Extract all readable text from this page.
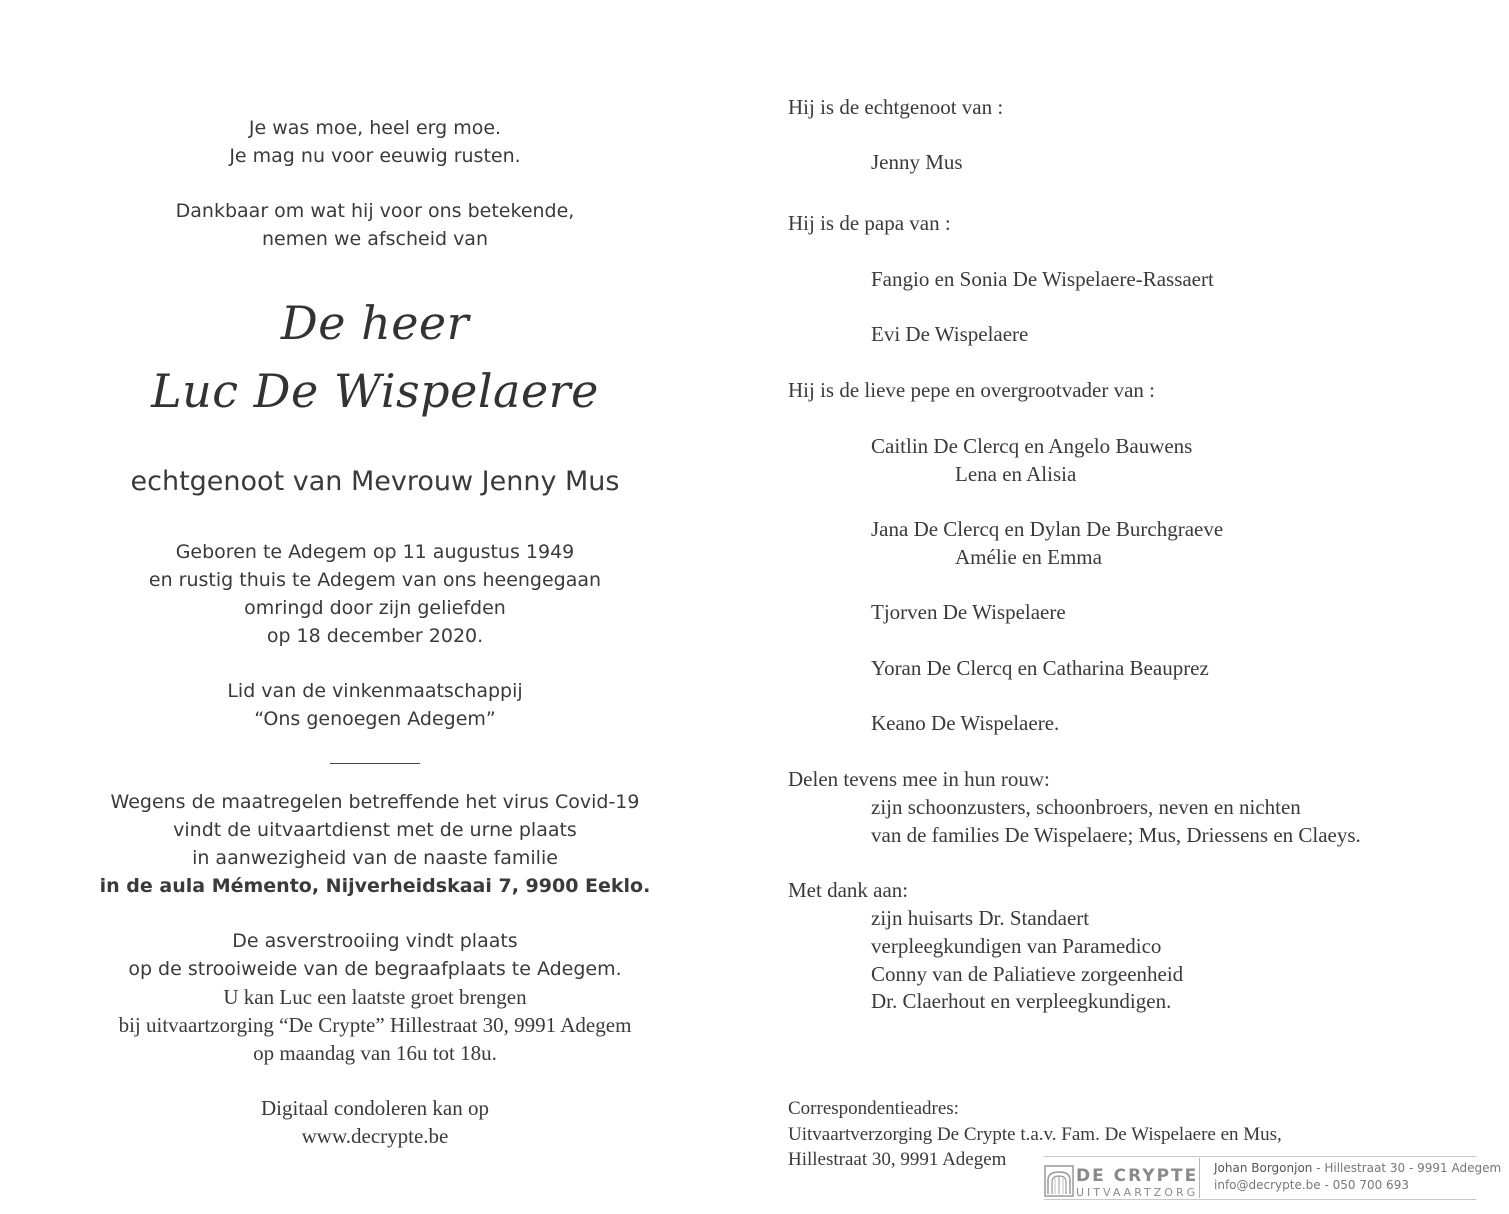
Je was moe, heel erg moe.
Je mag nu voor eeuwig rusten.
Dankbaar om wat hij voor ons betekende,
nemen we afscheid van
De heer
Luc De Wispelaere
echtgenoot van Mevrouw Jenny Mus
Geboren te Adegem op 11 augustus 1949
en rustig thuis te Adegem van ons heengegaan
omringd door zijn geliefden
op 18 december 2020.
Lid van de vinkenmaatschappij
“Ons genoegen Adegem”
Wegens de maatregelen betreffende het virus Covid-19
vindt de uitvaartdienst met de urne plaats
in aanwezigheid van de naaste familie
in de aula Mémento, Nijverheidskaai 7, 9900 Eeklo.
De asverstrooiing vindt plaats
op de strooiweide van de begraafplaats te Adegem.
U kan Luc een laatste groet brengen
bij uitvaartzorging “De Crypte” Hillestraat 30, 9991 Adegem
op maandag van 16u tot 18u.
Digitaal condoleren kan op
www.decrypte.be
Hij is de echtgenoot van :
Jenny Mus
Hij is de papa van :
Fangio en Sonia De Wispelaere-Rassaert
Evi De Wispelaere
Hij is de lieve pepe en overgrootvader van :
Caitlin De Clercq en Angelo Bauwens
Lena en Alisia
Jana De Clercq en Dylan De Burchgraeve
Amélie en Emma
Tjorven De Wispelaere
Yoran De Clercq en Catharina Beauprez
Keano De Wispelaere.
Delen tevens mee in hun rouw:
zijn schoonzusters, schoonbroers, neven en nichten
van de families De Wispelaere; Mus, Driessens en Claeys.
Met dank aan:
zijn huisarts Dr. Standaert
verpleegkundigen van Paramedico
Conny van de Paliatieve zorgeenheid
Dr. Claerhout en verpleegkundigen.
Correspondentieadres:
Uitvaartverzorging De Crypte t.a.v. Fam. De Wispelaere en Mus,
Hillestraat 30, 9991 Adegem
DE CRYPTE
UITVAARTZORG
Johan Borgonjon - Hillestraat 30 - 9991 Adegem
info@decrypte.be - 050 700 693
